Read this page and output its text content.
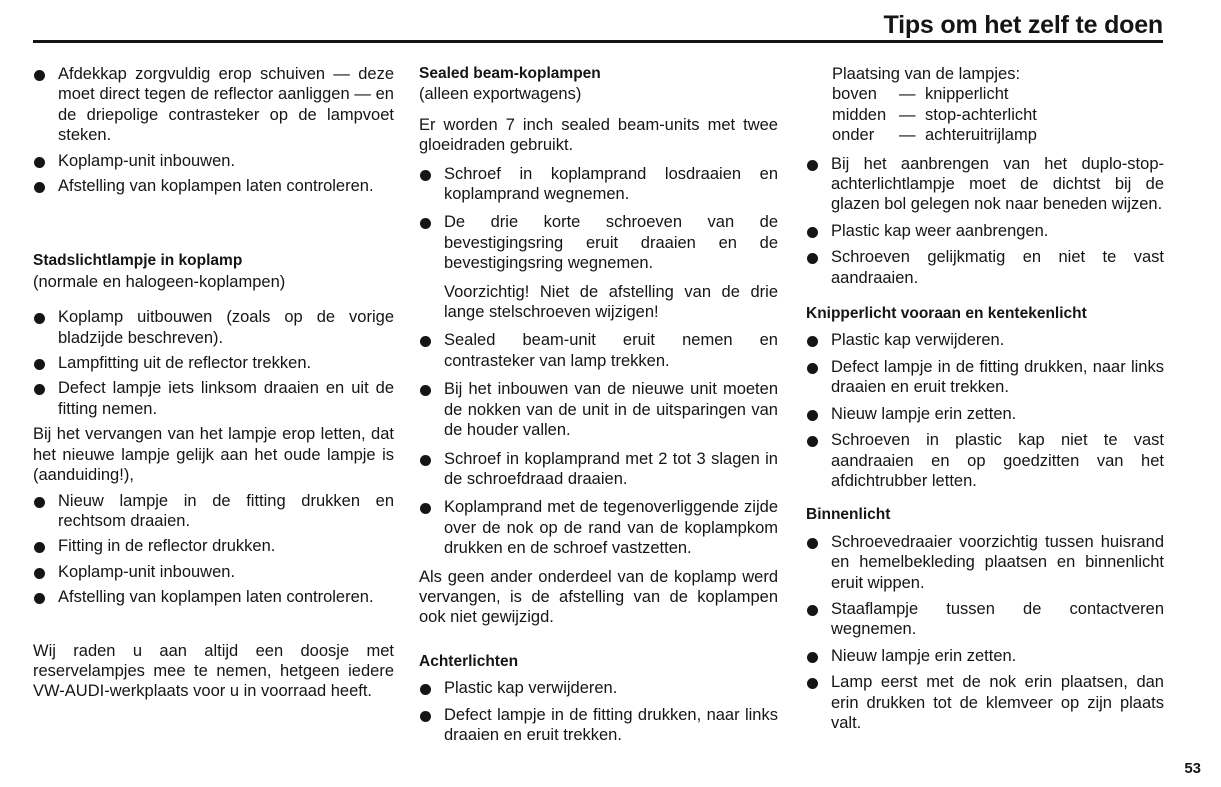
Tips om het zelf te doen
Afdekkap zorgvuldig erop schuiven — deze moet direct tegen de reflector aanliggen — en de driepolige contrasteker op de lampvoet steken.
Koplamp-unit inbouwen.
Afstelling van koplampen laten controleren.
Stadslichtlampje in koplamp
(normale en halogeen-koplampen)
Koplamp uitbouwen (zoals op de vorige bladzijde beschreven).
Lampfitting uit de reflector trekken.
Defect lampje iets linksom draaien en uit de fitting nemen.
Bij het vervangen van het lampje erop letten, dat het nieuwe lampje gelijk aan het oude lampje is (aanduiding!),
Nieuw lampje in de fitting drukken en rechtsom draaien.
Fitting in de reflector drukken.
Koplamp-unit inbouwen.
Afstelling van koplampen laten controleren.
Wij raden u aan altijd een doosje met reservelampjes mee te nemen, hetgeen iedere VW-AUDI-werkplaats voor u in voorraad heeft.
Sealed beam-koplampen
(alleen exportwagens)
Er worden 7 inch sealed beam-units met twee gloeidraden gebruikt.
Schroef in koplamprand losdraaien en koplamprand wegnemen.
De drie korte schroeven van de bevestigingsring eruit draaien en de bevestigingsring wegnemen.
Voorzichtig! Niet de afstelling van de drie lange stelschroeven wijzigen!
Sealed beam-unit eruit nemen en contrasteker van lamp trekken.
Bij het inbouwen van de nieuwe unit moeten de nokken van de unit in de uitsparingen van de houder vallen.
Schroef in koplamprand met 2 tot 3 slagen in de schroefdraad draaien.
Koplamprand met de tegenoverliggende zijde over de nok op de rand van de koplampkom drukken en de schroef vastzetten.
Als geen ander onderdeel van de koplamp werd vervangen, is de afstelling van de koplampen ook niet gewijzigd.
Achterlichten
Plastic kap verwijderen.
Defect lampje in de fitting drukken, naar links draaien en eruit trekken.
Plaatsing van de lampjes:
boven	— knipperlicht
midden — stop-achterlicht
onder	— achteruitrijlamp
Bij het aanbrengen van het duplo-stop-achterlichtlampje moet de dichtst bij de glazen bol gelegen nok naar beneden wijzen.
Plastic kap weer aanbrengen.
Schroeven gelijkmatig en niet te vast aandraaien.
Knipperlicht vooraan en kentekenlicht
Plastic kap verwijderen.
Defect lampje in de fitting drukken, naar links draaien en eruit trekken.
Nieuw lampje erin zetten.
Schroeven in plastic kap niet te vast aandraaien en op goedzitten van het afdichtrubber letten.
Binnenlicht
Schroevedraaier voorzichtig tussen huisrand en hemelbekleding plaatsen en binnenlicht eruit wippen.
Staaflampje tussen de contactveren wegnemen.
Nieuw lampje erin zetten.
Lamp eerst met de nok erin plaatsen, dan erin drukken tot de klemveer op zijn plaats valt.
53
